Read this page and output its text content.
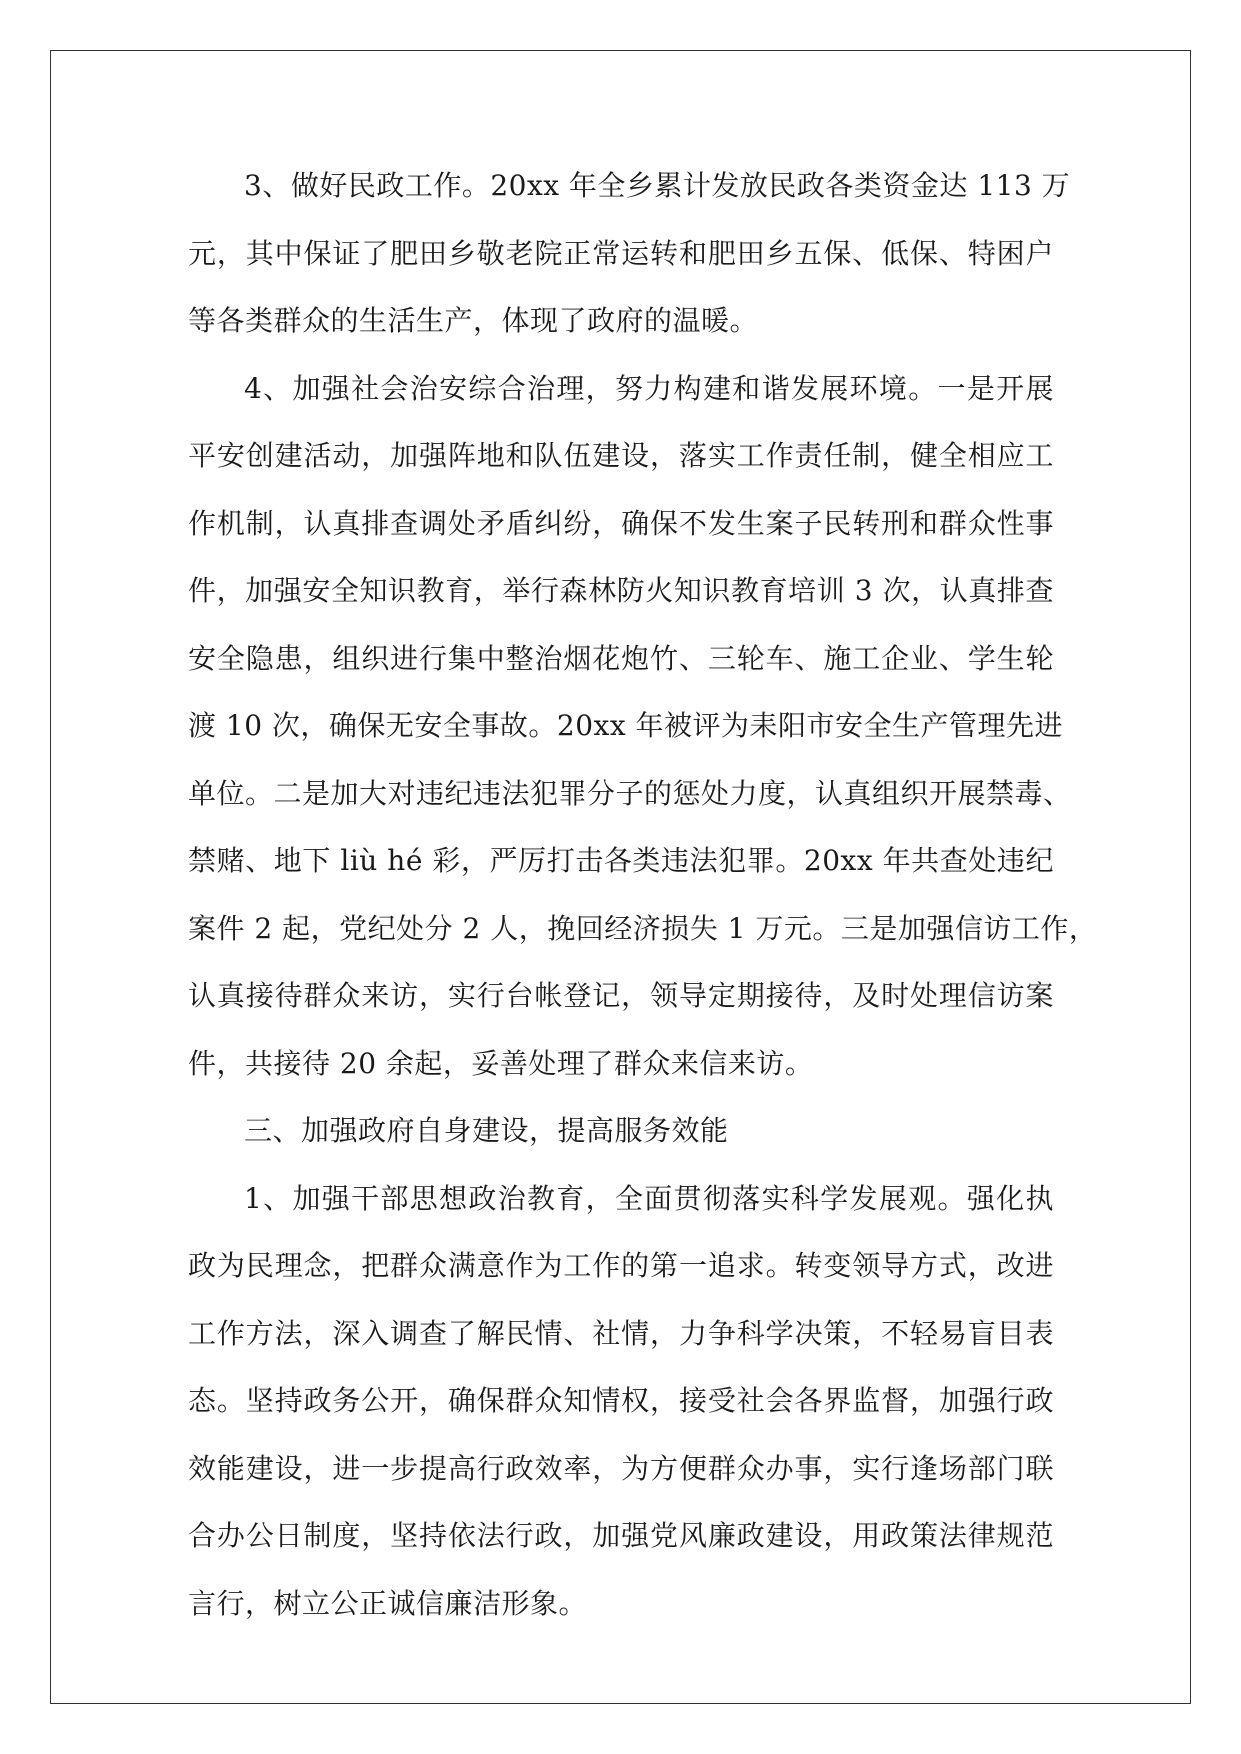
3、做好民政工作。20xx 年全乡累计发放民政各类资金达 113 万
元，其中保证了肥田乡敬老院正常运转和肥田乡五保、低保、特困户
等各类群众的生活生产，体现了政府的温暖。

4、加强社会治安综合治理，努力构建和谐发展环境。一是开展
平安创建活动，加强阵地和队伍建设，落实工作责任制，健全相应工
作机制，认真排查调处矛盾纠纷，确保不发生案子民转刑和群众性事
件，加强安全知识教育，举行森林防火知识教育培训 3 次，认真排查
安全隐患，组织进行集中整治烟花炮竹、三轮车、施工企业、学生轮
渡 10 次，确保无安全事故。20xx 年被评为耒阳市安全生产管理先进
单位。二是加大对违纪违法犯罪分子的惩处力度，认真组织开展禁毒、
禁赌、地下 liù hé 彩，严厉打击各类违法犯罪。20xx 年共查处违纪
案件 2 起，党纪处分 2 人，挽回经济损失 1 万元。三是加强信访工作，
认真接待群众来访，实行台帐登记，领导定期接待，及时处理信访案
件，共接待 20 余起，妥善处理了群众来信来访。

三、加强政府自身建设，提高服务效能

1、加强干部思想政治教育，全面贯彻落实科学发展观。强化执
政为民理念，把群众满意作为工作的第一追求。转变领导方式，改进
工作方法，深入调查了解民情、社情，力争科学决策，不轻易盲目表
态。坚持政务公开，确保群众知情权，接受社会各界监督，加强行政
效能建设，进一步提高行政效率，为方便群众办事，实行逢场部门联
合办公日制度，坚持依法行政，加强党风廉政建设，用政策法律规范
言行，树立公正诚信廉洁形象。
